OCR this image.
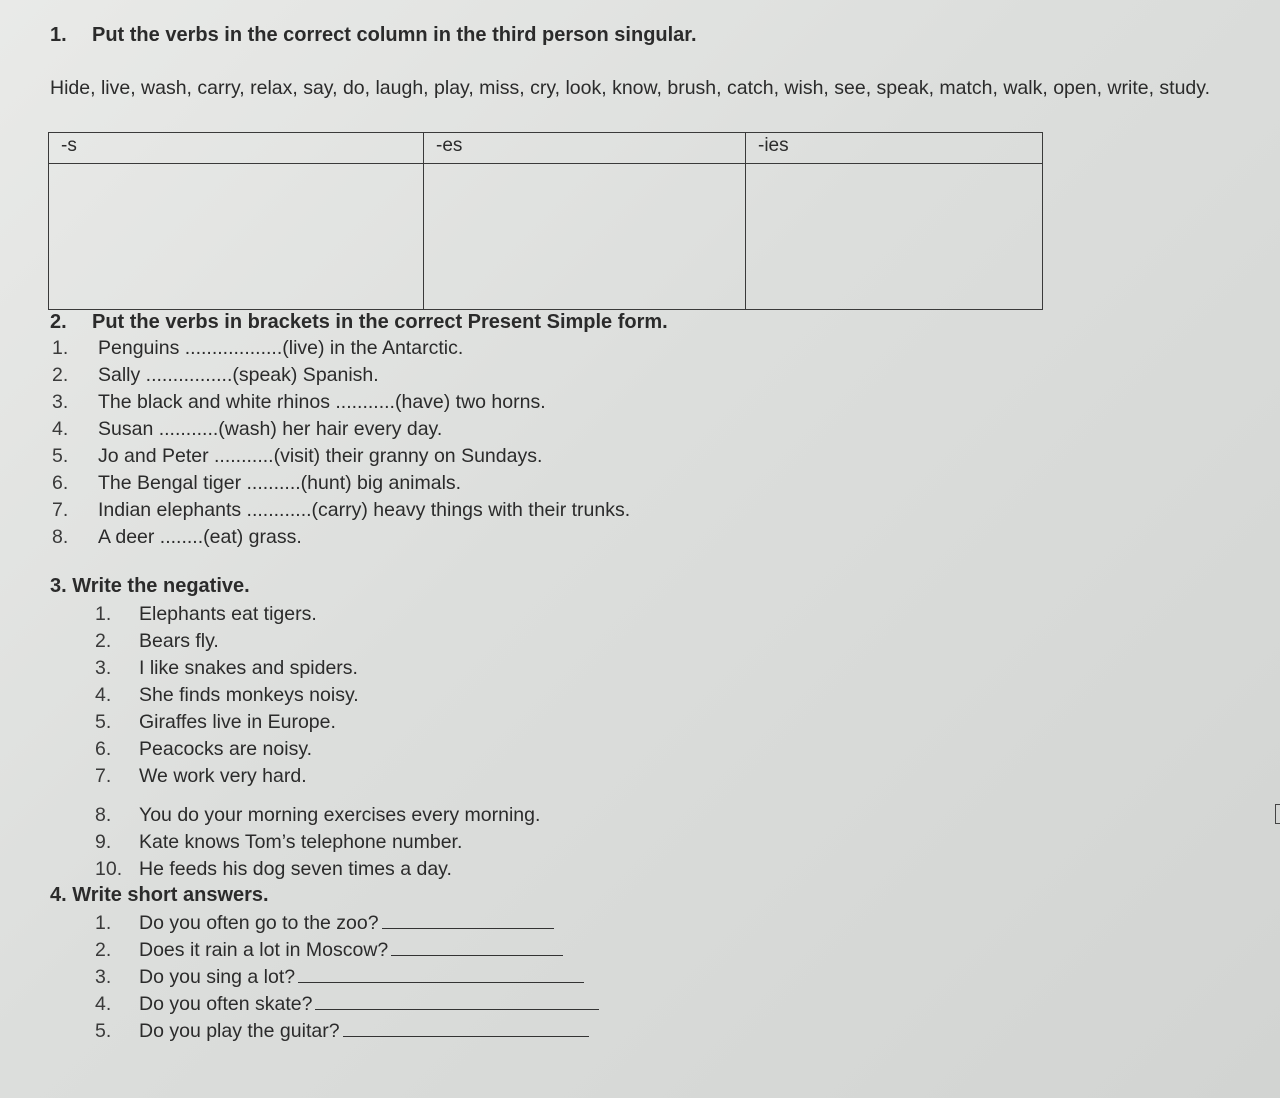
1. Put the verbs in the correct column in the third person singular.
Hide, live, wash, carry, relax, say, do, laugh, play, miss, cry, look, know, brush, catch, wish, see, speak, match, walk, open, write, study.
-s	-es	-ies

2. Put the verbs in brackets in the correct Present Simple form.
1. Penguins ..................(live) in the Antarctic.
2. Sally ................(speak) Spanish.
3. The black and white rhinos ...........(have) two horns.
4. Susan ...........(wash) her hair every day.
5. Jo and Peter ...........(visit) their granny on Sundays.
6. The Bengal tiger ..........(hunt) big animals.
7. Indian elephants ............(carry) heavy things with their trunks.
8. A deer ........(eat) grass.
3. Write the negative.
1. Elephants eat tigers.
2. Bears fly.
3. I like snakes and spiders.
4. She finds monkeys noisy.
5. Giraffes live in Europe.
6. Peacocks are noisy.
7. We work very hard.
8. You do your morning exercises every morning.
9. Kate knows Tom’s telephone number.
10. He feeds his dog seven times a day.
4. Write short answers.
1. Do you often go to the zoo?
2. Does it rain a lot in Moscow?
3. Do you sing a lot?
4. Do you often skate?
5. Do you play the guitar?
